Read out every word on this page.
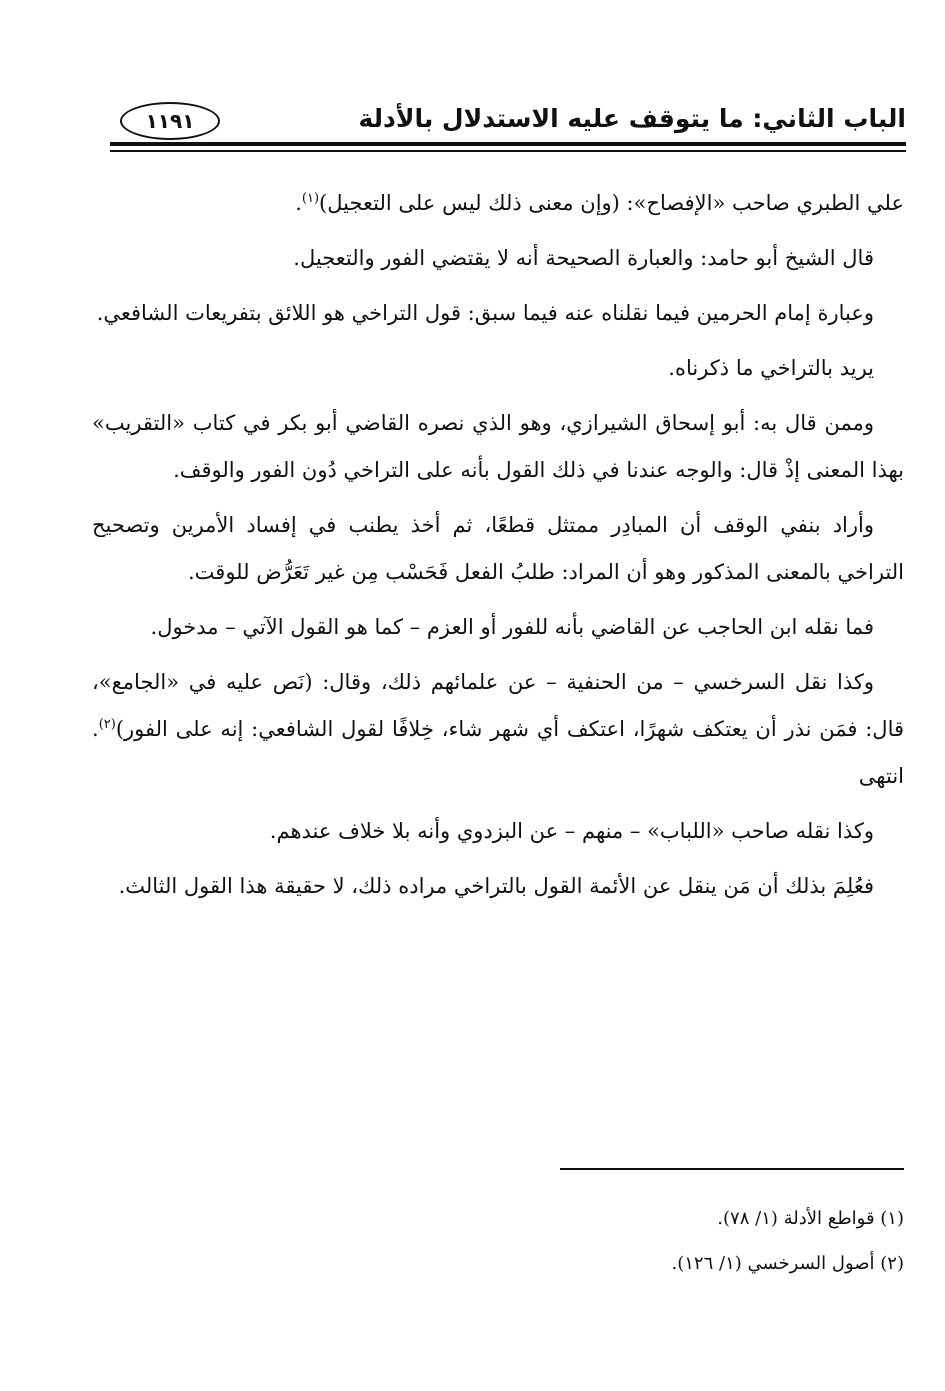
الباب الثاني: ما يتوقف عليه الاستدلال بالأدلة
١١٩١

علي الطبري صاحب «الإفصاح»: (وإن معنى ذلك ليس على التعجيل)$^{(١)}$.

قال الشيخ أبو حامد: والعبارة الصحيحة أنه لا يقتضي الفور والتعجيل.

وعبارة إمام الحرمين فيما نقلناه عنه فيما سبق: قول التراخي هو اللائق بتفريعات الشافعي.

يريد بالتراخي ما ذكرناه.

وممن قال به: أبو إسحاق الشيرازي، وهو الذي نصره القاضي أبو بكر في كتاب «التقريب» بهذا المعنى إذْ قال: والوجه عندنا في ذلك القول بأنه على التراخي دُون الفور والوقف.

وأراد بنفي الوقف أن المبادِر ممتثل قطعًا، ثم أخذ يطنب في إفساد الأمرين وتصحيح التراخي بالمعنى المذكور وهو أن المراد: طلبُ الفعل فَحَسْب مِن غير تَعَرُّض للوقت.

فما نقله ابن الحاجب عن القاضي بأنه للفور أو العزم – كما هو القول الآتي – مدخول.

وكذا نقل السرخسي – من الحنفية – عن علمائهم ذلك، وقال: (نَص عليه في «الجامع»، قال: فمَن نذر أن يعتكف شهرًا، اعتكف أي شهر شاء، خِلافًا لقول الشافعي: إنه على الفور)$^{(٢)}$. انتهى

وكذا نقله صاحب «اللباب» – منهم – عن البزدوي وأنه بلا خلاف عندهم.

فعُلِمَ بذلك أن مَن ينقل عن الأئمة القول بالتراخي مراده ذلك، لا حقيقة هذا القول الثالث.

(١) قواطع الأدلة (١/ ٧٨).
(٢) أصول السرخسي (١/ ١٢٦).
